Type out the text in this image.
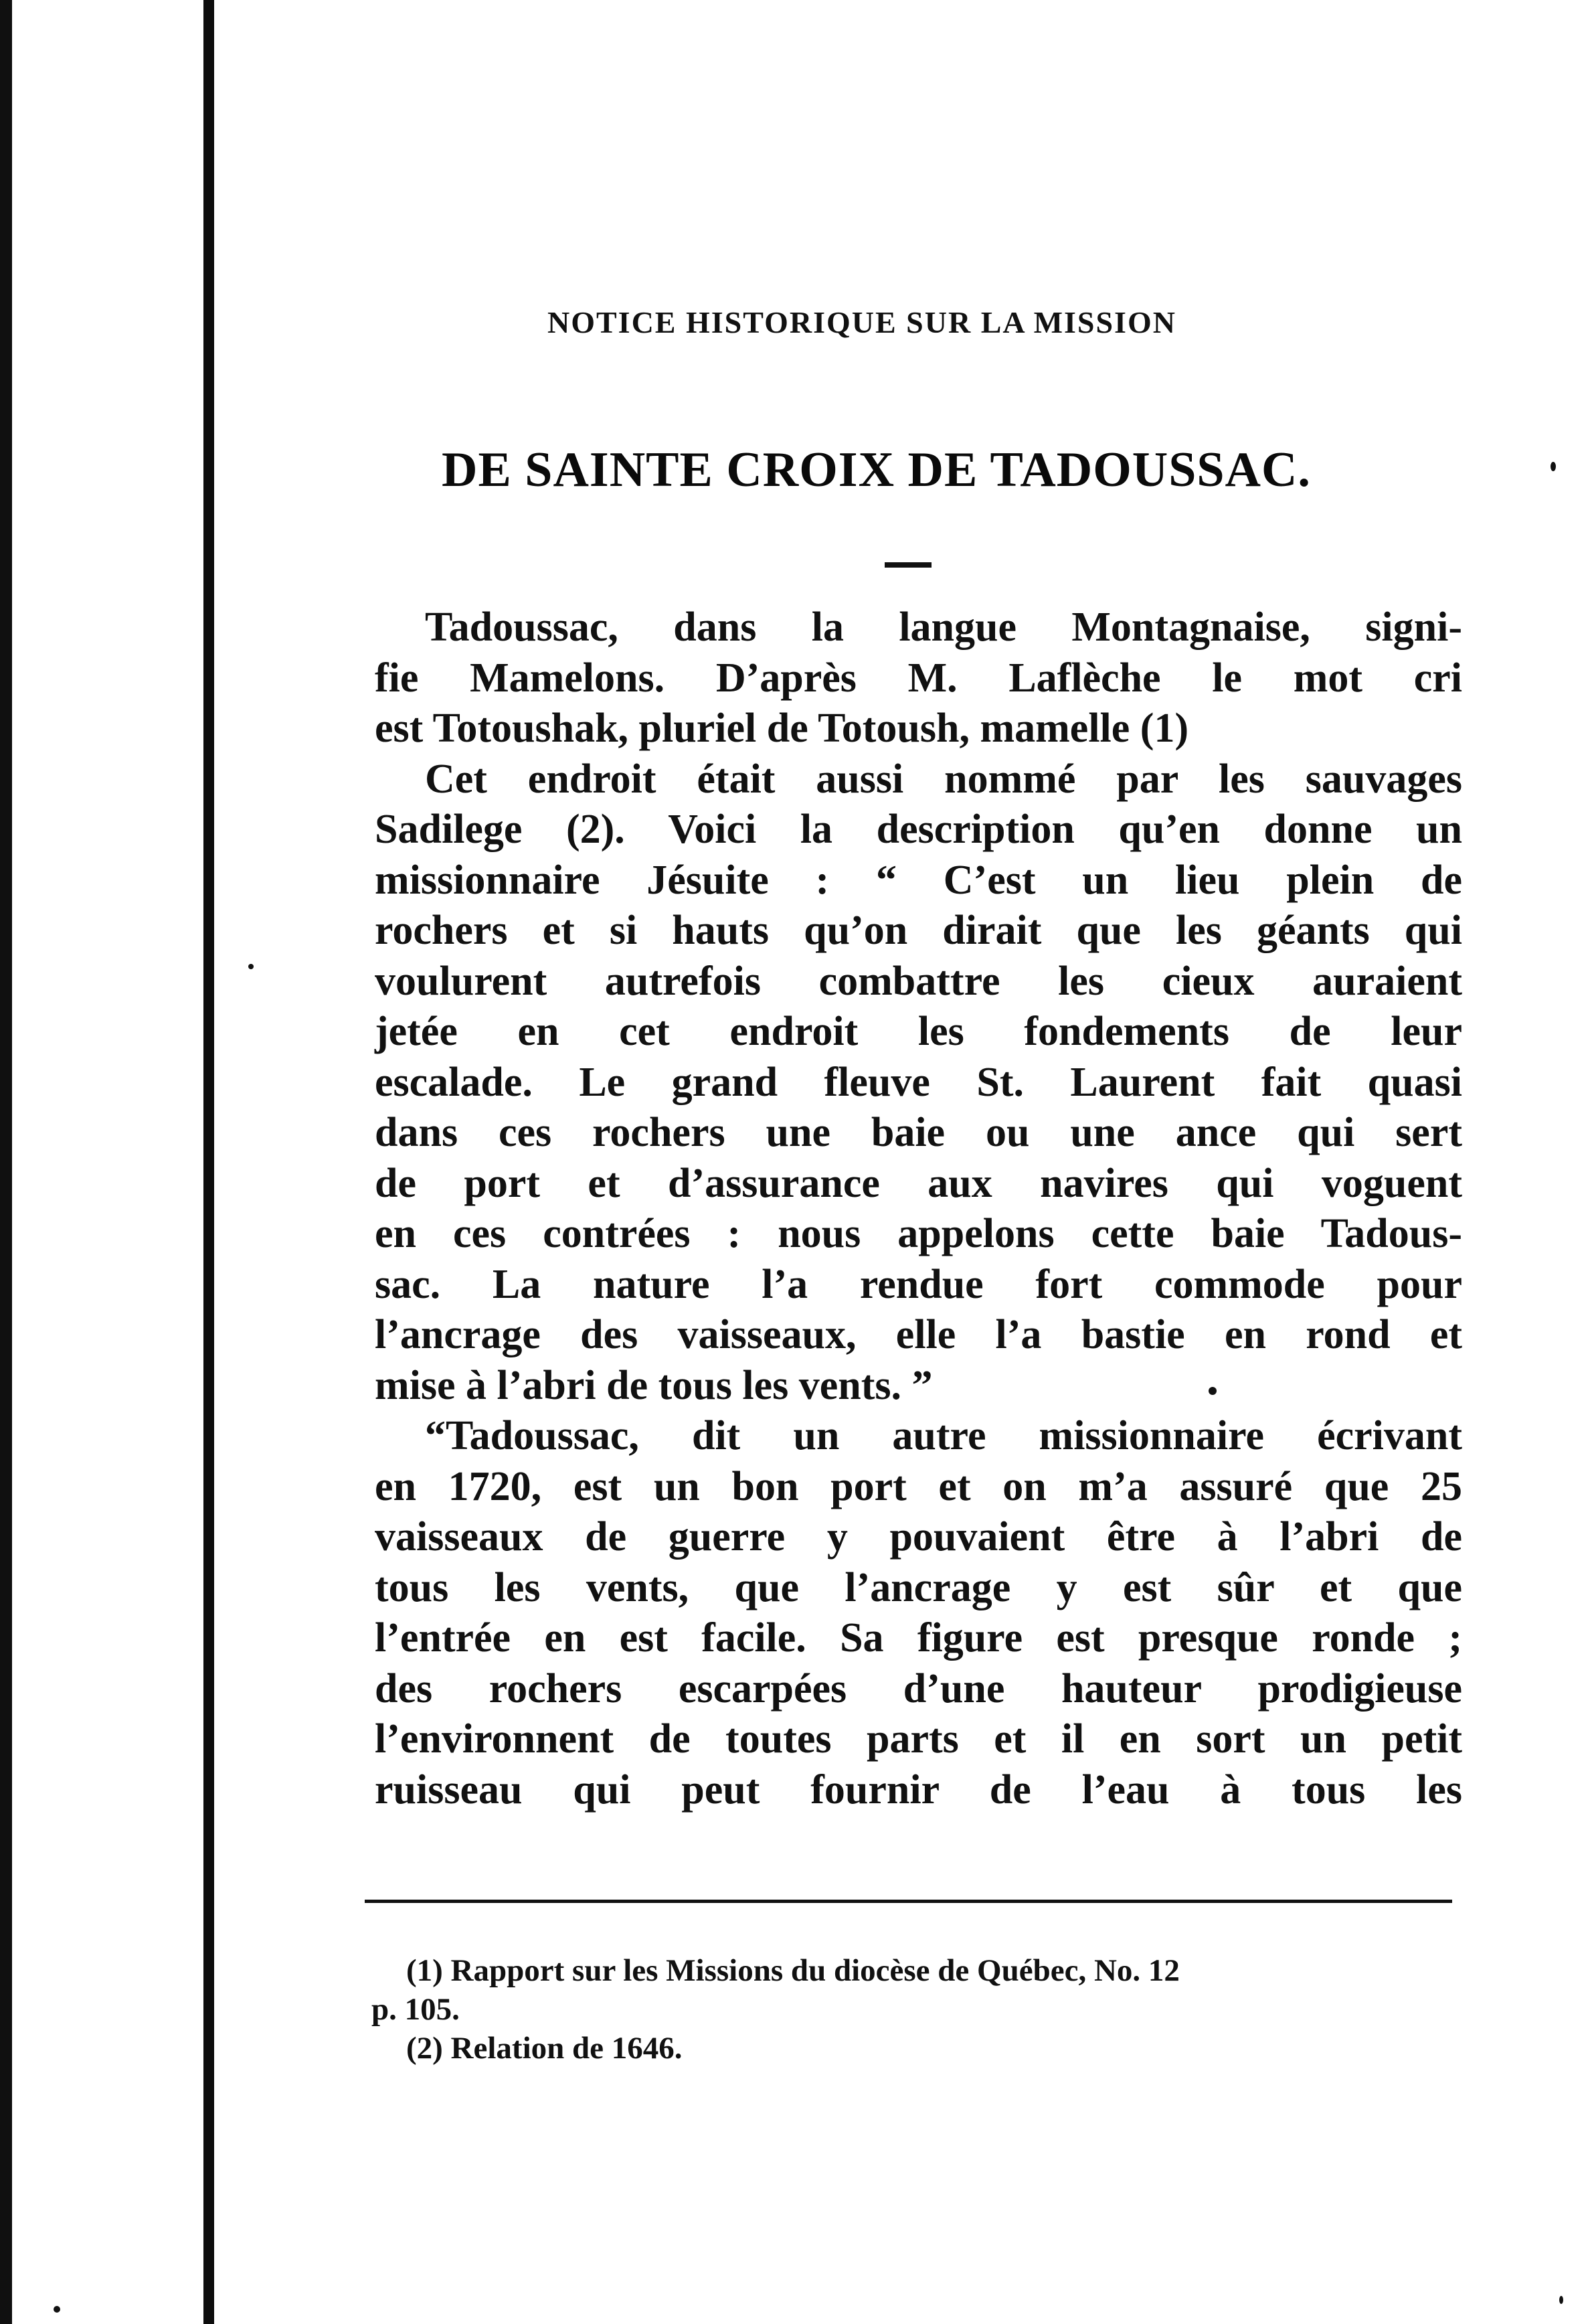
NOTICE HISTORIQUE SUR LA MISSION
DE SAINTE CROIX DE TADOUSSAC.
Tadoussac, dans la langue Montagnaise, signi-
fie Mamelons. D’après M. Laflèche le mot cri
est Totoushak, pluriel de Totoush, mamelle (1)
Cet endroit était aussi nommé par les sauvages
Sadilege (2). Voici la description qu’en donne un
missionnaire Jésuite : “ C’est un lieu plein de
rochers et si hauts qu’on dirait que les géants qui
voulurent autrefois combattre les cieux auraient
jetée en cet endroit les fondements de leur
escalade. Le grand fleuve St. Laurent fait quasi
dans ces rochers une baie ou une ance qui sert
de port et d’assurance aux navires qui voguent
en ces contrées : nous appelons cette baie Tadous-
sac. La nature l’a rendue fort commode pour
l’ancrage des vaisseaux, elle l’a bastie en rond et
mise à l’abri de tous les vents. ”
“Tadoussac, dit un autre missionnaire écrivant
en 1720, est un bon port et on m’a assuré que 25
vaisseaux de guerre y pouvaient être à l’abri de
tous les vents, que l’ancrage y est sûr et que
l’entrée en est facile. Sa figure est presque ronde ;
des rochers escarpées d’une hauteur prodigieuse
l’environnent de toutes parts et il en sort un petit
ruisseau qui peut fournir de l’eau à tous les
(1) Rapport sur les Missions du diocèse de Québec, No. 12
p. 105.
(2) Relation de 1646.
